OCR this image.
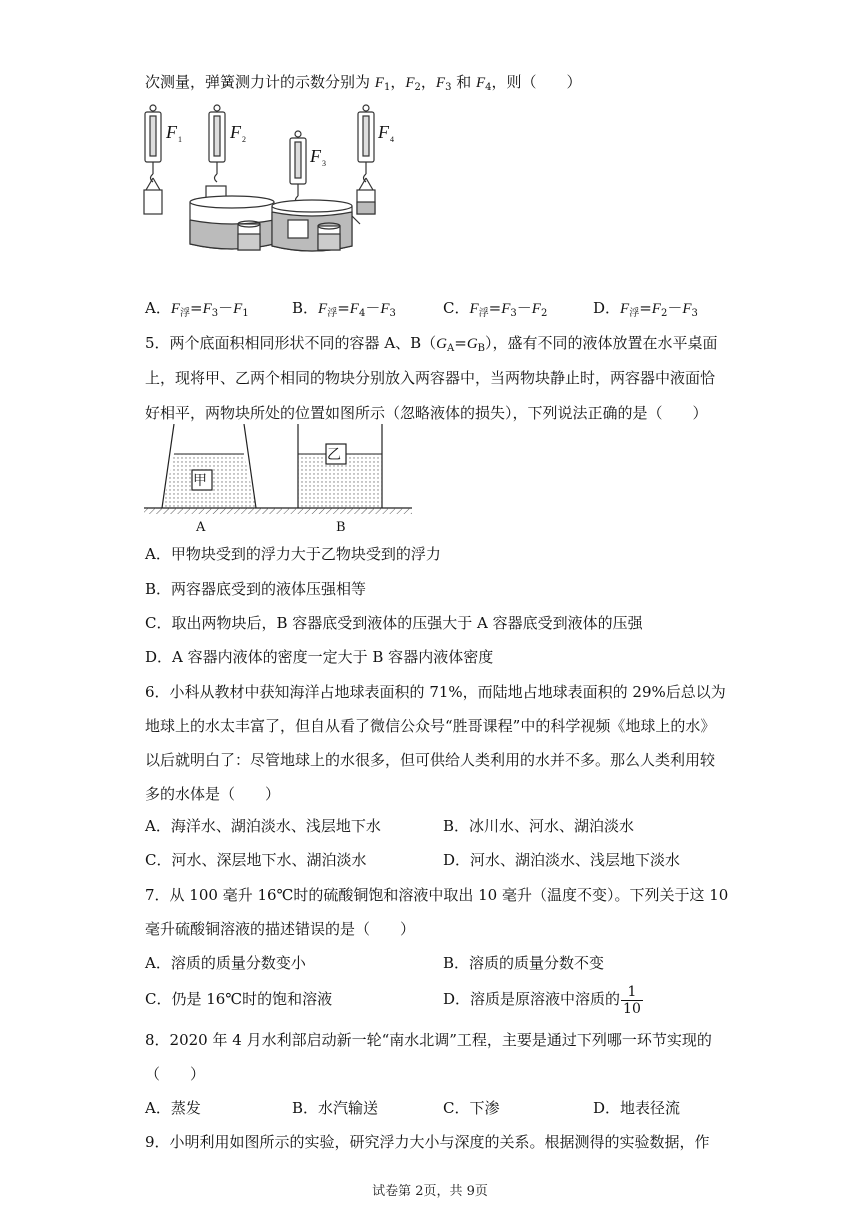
次测量，弹簧测力计的示数分别为 $F_1$，$F_2$，$F_3$ 和 $F_4$，则（　　）
F 1	F 2
F 3
F 4
A．$F_浮=F_3-F_1$	B．$F_浮=F_4-F_3$	C．$F_浮=F_3-F_2$	D．$F_浮=F_2-F_3$
5．两个底面积相同形状不同的容器 A、$B(G_A=G_B)$，盛有不同的液体放置在水平桌面
上，现将甲、乙两个相同的物块分别放入两容器中，当两物块静止时，两容器中液面恰
好相平，两物块所处的位置如图所示（忽略液体的损失），下列说法正确的是（　　）
甲
乙
A	B
A．甲物块受到的浮力大于乙物块受到的浮力
B．两容器底受到的液体压强相等
C．取出两物块后，B 容器底受到液体的压强大于 A 容器底受到液体的压强
D．A 容器内液体的密度一定大于 B 容器内液体密度
6．小科从教材中获知海洋占地球表面积的 71%，而陆地占地球表面积的 29%后总以为
地球上的水太丰富了，但自从看了微信公众号“胜哥课程”中的科学视频《地球上的水》
以后就明白了：尽管地球上的水很多，但可供给人类利用的水并不多。那么人类利用较
多的水体是（　　）
A．海洋水、湖泊淡水、浅层地下水	B．冰川水、河水、湖泊淡水
C．河水、深层地下水、湖泊淡水	D．河水、湖泊淡水、浅层地下淡水
7．从 100 毫升 16℃时的硫酸铜饱和溶液中取出 10 毫升（温度不变）。下列关于这 10
毫升硫酸铜溶液的描述错误的是（　　）
A．溶质的质量分数变小	B．溶质的质量分数不变
C．仍是 16℃时的饱和溶液	D．溶质是原溶液中溶质的 $\frac{1}{10}$
8．2020 年 4 月水利部启动新一轮“南水北调”工程，主要是通过下列哪一环节实现的
（　　）
A．蒸发	B．水汽输送	C．下渗	D．地表径流
9．小明利用如图所示的实验，研究浮力大小与深度的关系。根据测得的实验数据，作
试卷第 2页，共 9页
